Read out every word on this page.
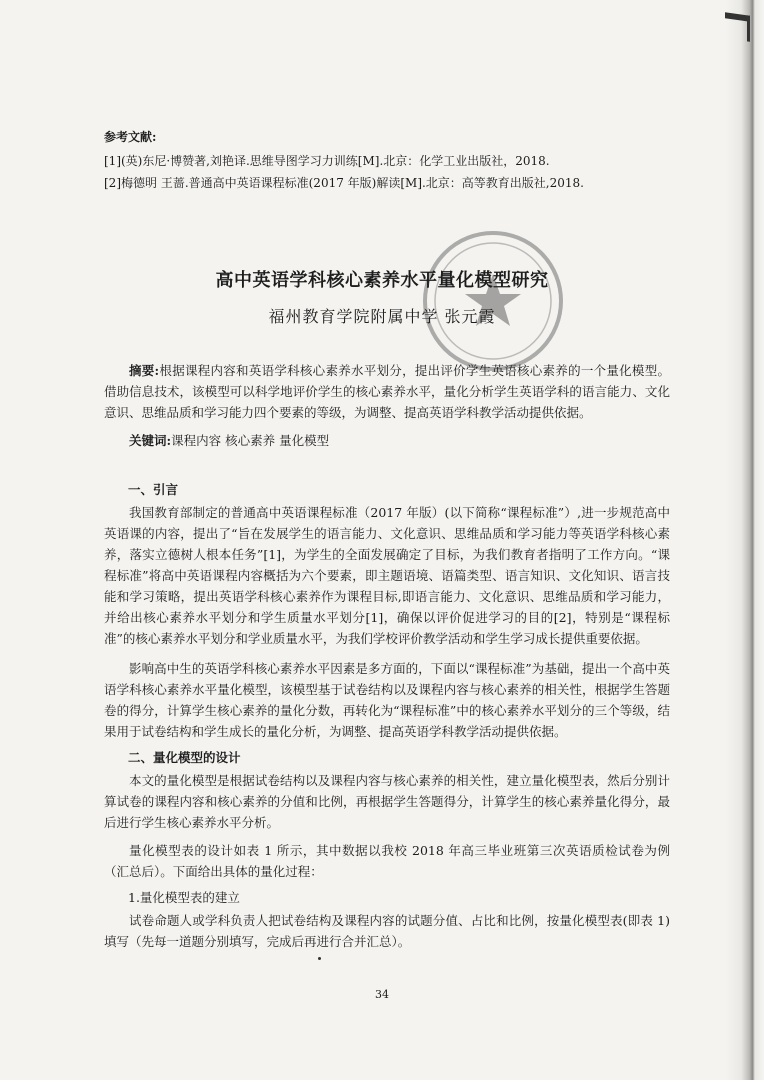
参考文献:
[1](英)东尼·博赞著,刘艳译.思维导图学习力训练[M].北京：化学工业出版社，2018.
[2]梅德明 王蔷.普通高中英语课程标准(2017 年版)解读[M].北京：高等教育出版社,2018.
高中英语学科核心素养水平量化模型研究
福州教育学院附属中学 张元霞
摘要:根据课程内容和英语学科核心素养水平划分，提出评价学生英语核心素养的一个量化模型。借助信息技术，该模型可以科学地评价学生的核心素养水平，量化分析学生英语学科的语言能力、文化意识、思维品质和学习能力四个要素的等级，为调整、提高英语学科教学活动提供依据。
关键词:课程内容 核心素养 量化模型
一、引言
我国教育部制定的普通高中英语课程标准（2017 年版）(以下简称“课程标准”）,进一步规范高中英语课的内容，提出了“旨在发展学生的语言能力、文化意识、思维品质和学习能力等英语学科核心素养，落实立德树人根本任务”[1]，为学生的全面发展确定了目标，为我们教育者指明了工作方向。“课程标准”将高中英语课程内容概括为六个要素，即主题语境、语篇类型、语言知识、文化知识、语言技能和学习策略，提出英语学科核心素养作为课程目标,即语言能力、文化意识、思维品质和学习能力，并给出核心素养水平划分和学生质量水平划分[1]，确保以评价促进学习的目的[2]，特别是“课程标准”的核心素养水平划分和学业质量水平，为我们学校评价教学活动和学生学习成长提供重要依据。
影响高中生的英语学科核心素养水平因素是多方面的，下面以“课程标准”为基础，提出一个高中英语学科核心素养水平量化模型，该模型基于试卷结构以及课程内容与核心素养的相关性，根据学生答题卷的得分，计算学生核心素养的量化分数，再转化为“课程标准”中的核心素养水平划分的三个等级，结果用于试卷结构和学生成长的量化分析，为调整、提高英语学科教学活动提供依据。
二、量化模型的设计
本文的量化模型是根据试卷结构以及课程内容与核心素养的相关性，建立量化模型表，然后分别计算试卷的课程内容和核心素养的分值和比例，再根据学生答题得分，计算学生的核心素养量化得分，最后进行学生核心素养水平分析。
量化模型表的设计如表 1 所示，其中数据以我校 2018 年高三毕业班第三次英语质检试卷为例（汇总后）。下面给出具体的量化过程：
1.量化模型表的建立
试卷命题人或学科负责人把试卷结构及课程内容的试题分值、占比和比例，按量化模型表(即表 1)填写（先每一道题分别填写，完成后再进行合并汇总）。
34
